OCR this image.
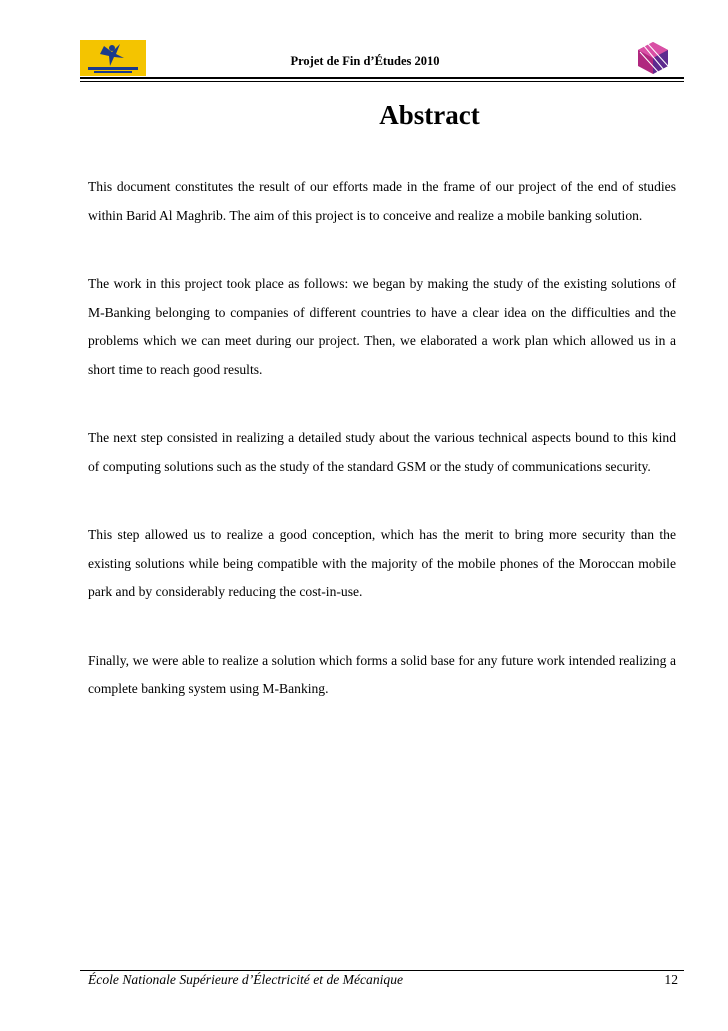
Projet de Fin d’Études 2010
Abstract

This document constitutes the result of our efforts made in the frame of our project of the end of studies within Barid Al Maghrib. The aim of this project is to conceive and realize a mobile banking solution.

The work in this project took place as follows: we began by making the study of the existing solutions of M-Banking belonging to companies of different countries to have a clear idea on the difficulties and the problems which we can meet during our project. Then, we elaborated a work plan which allowed us in a short time to reach good results.

The next step consisted in realizing a detailed study about the various technical aspects bound to this kind of computing solutions such as the study of the standard GSM or the study of communications security.

This step allowed us to realize a good conception, which has the merit to bring more security than the existing solutions while being compatible with the majority of the mobile phones of the Moroccan mobile park and by considerably reducing the cost-in-use.

Finally, we were able to realize a solution which forms a solid base for any future work intended realizing a complete banking system using M-Banking.

École Nationale Supérieure d’Électricité et de Mécanique	12
